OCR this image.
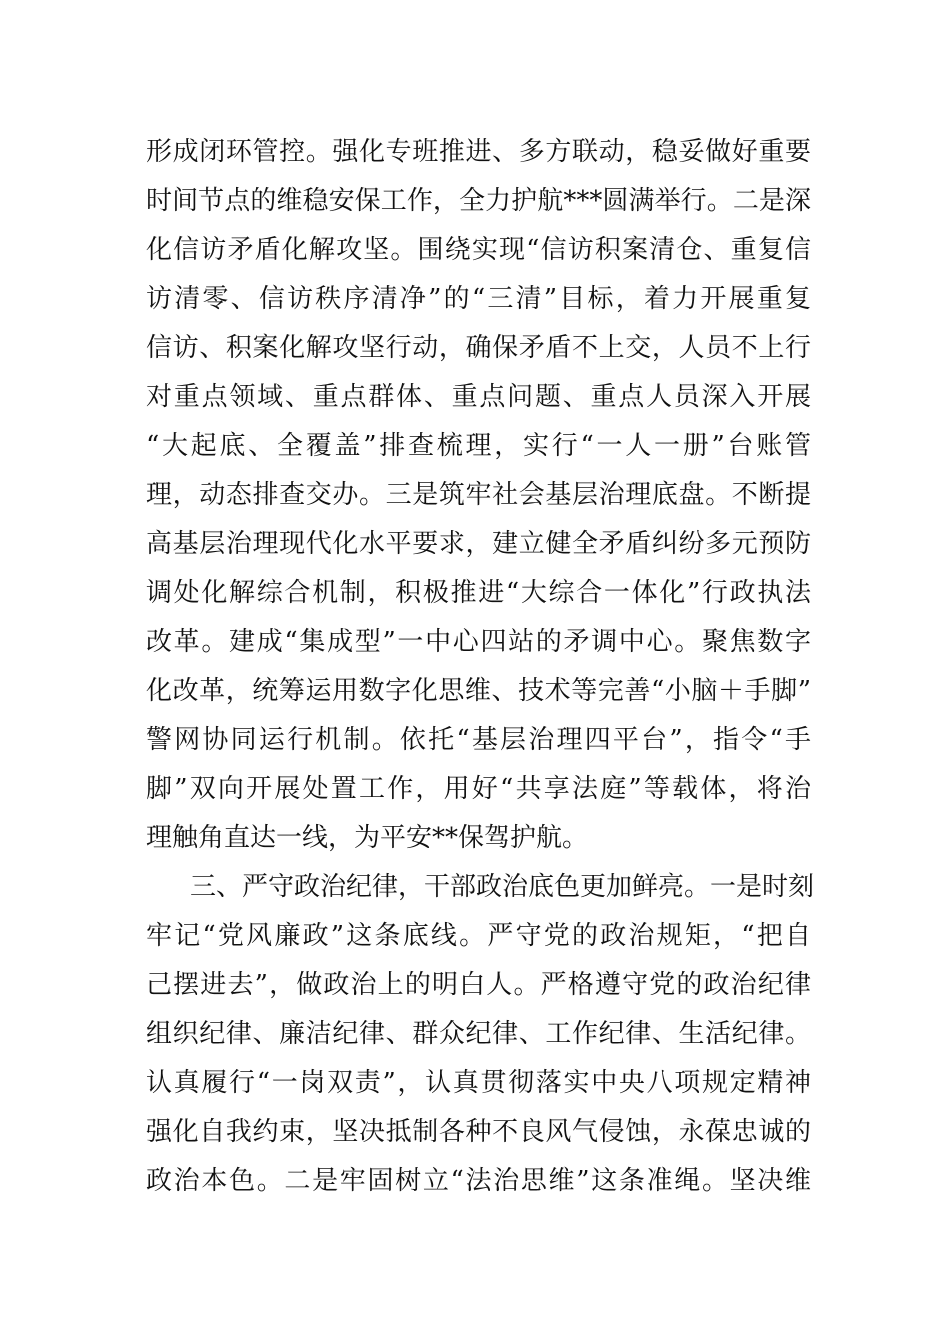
形成闭环管控。强化专班推进、多方联动，稳妥做好重要
时间节点的维稳安保工作，全力护航***圆满举行。二是深
化信访矛盾化解攻坚。围绕实现“信访积案清仓、重复信
访清零、信访秩序清净”的“三清”目标，着力开展重复
信访、积案化解攻坚行动，确保矛盾不上交，人员不上行
对重点领域、重点群体、重点问题、重点人员深入开展
“大起底、全覆盖”排查梳理，实行“一人一册”台账管
理，动态排查交办。三是筑牢社会基层治理底盘。不断提
高基层治理现代化水平要求，建立健全矛盾纠纷多元预防
调处化解综合机制，积极推进“大综合一体化”行政执法
改革。建成“集成型”一中心四站的矛调中心。聚焦数字
化改革，统筹运用数字化思维、技术等完善“小脑＋手脚”
警网协同运行机制。依托“基层治理四平台”，指令“手
脚”双向开展处置工作，用好“共享法庭”等载体，将治
理触角直达一线，为平安**保驾护航。
三、严守政治纪律，干部政治底色更加鲜亮。一是时刻
牢记“党风廉政”这条底线。严守党的政治规矩，“把自
己摆进去”，做政治上的明白人。严格遵守党的政治纪律
组织纪律、廉洁纪律、群众纪律、工作纪律、生活纪律。
认真履行“一岗双责”，认真贯彻落实中央八项规定精神
强化自我约束，坚决抵制各种不良风气侵蚀，永葆忠诚的
政治本色。二是牢固树立“法治思维”这条准绳。坚决维
